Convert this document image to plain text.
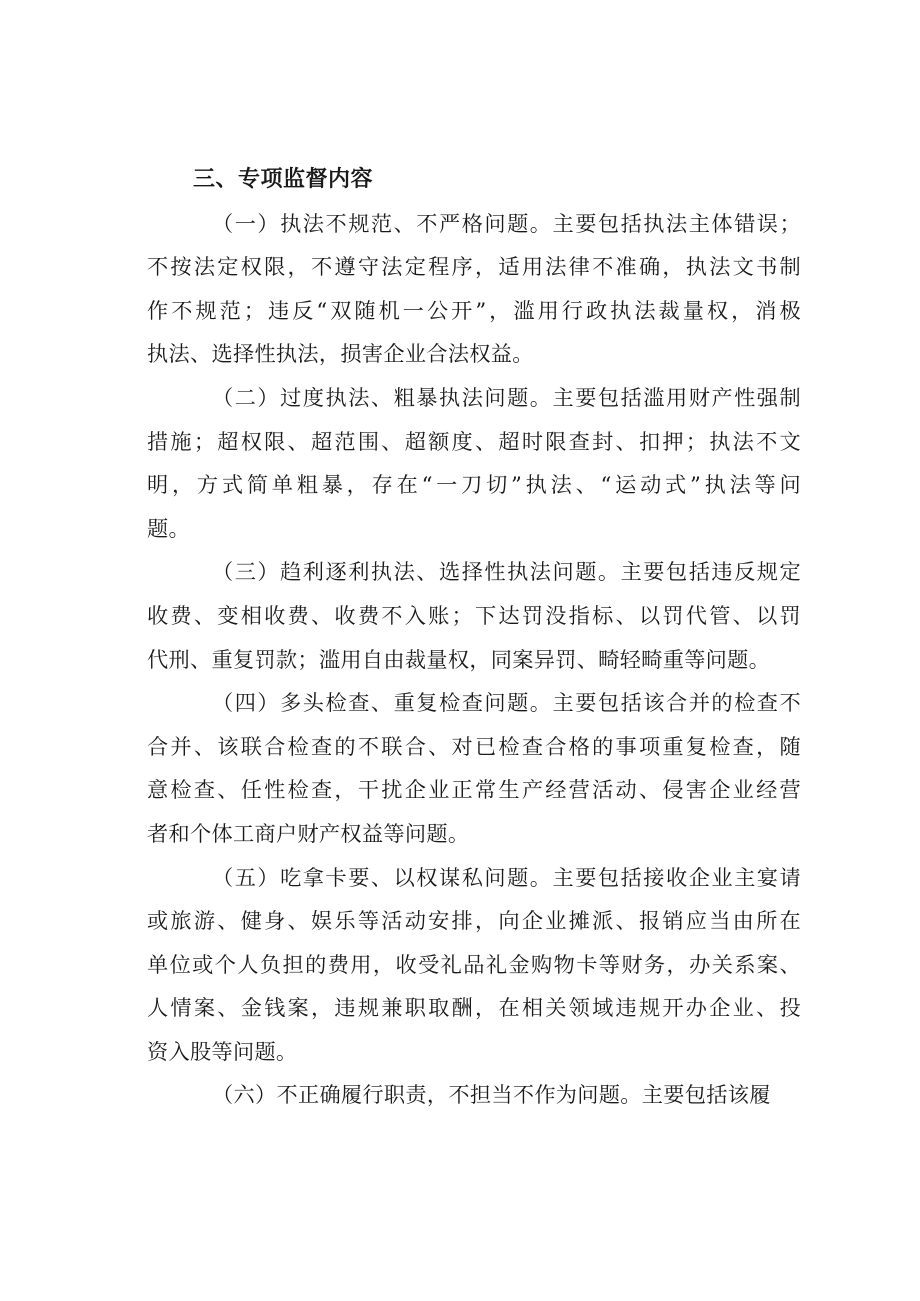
三、专项监督内容

（一）执法不规范、不严格问题。主要包括执法主体错误；
不按法定权限，不遵守法定程序，适用法律不准确，执法文书制
作不规范；违反“双随机一公开”，滥用行政执法裁量权，消极
执法、选择性执法，损害企业合法权益。

（二）过度执法、粗暴执法问题。主要包括滥用财产性强制
措施；超权限、超范围、超额度、超时限查封、扣押；执法不文
明，方式简单粗暴，存在“一刀切”执法、“运动式”执法等问
题。

（三）趋利逐利执法、选择性执法问题。主要包括违反规定
收费、变相收费、收费不入账；下达罚没指标、以罚代管、以罚
代刑、重复罚款；滥用自由裁量权，同案异罚、畸轻畸重等问题。

（四）多头检查、重复检查问题。主要包括该合并的检查不
合并、该联合检查的不联合、对已检查合格的事项重复检查，随
意检查、任性检查，干扰企业正常生产经营活动、侵害企业经营
者和个体工商户财产权益等问题。

（五）吃拿卡要、以权谋私问题。主要包括接收企业主宴请
或旅游、健身、娱乐等活动安排，向企业摊派、报销应当由所在
单位或个人负担的费用，收受礼品礼金购物卡等财务，办关系案、
人情案、金钱案，违规兼职取酬，在相关领域违规开办企业、投
资入股等问题。

（六）不正确履行职责，不担当不作为问题。主要包括该履
